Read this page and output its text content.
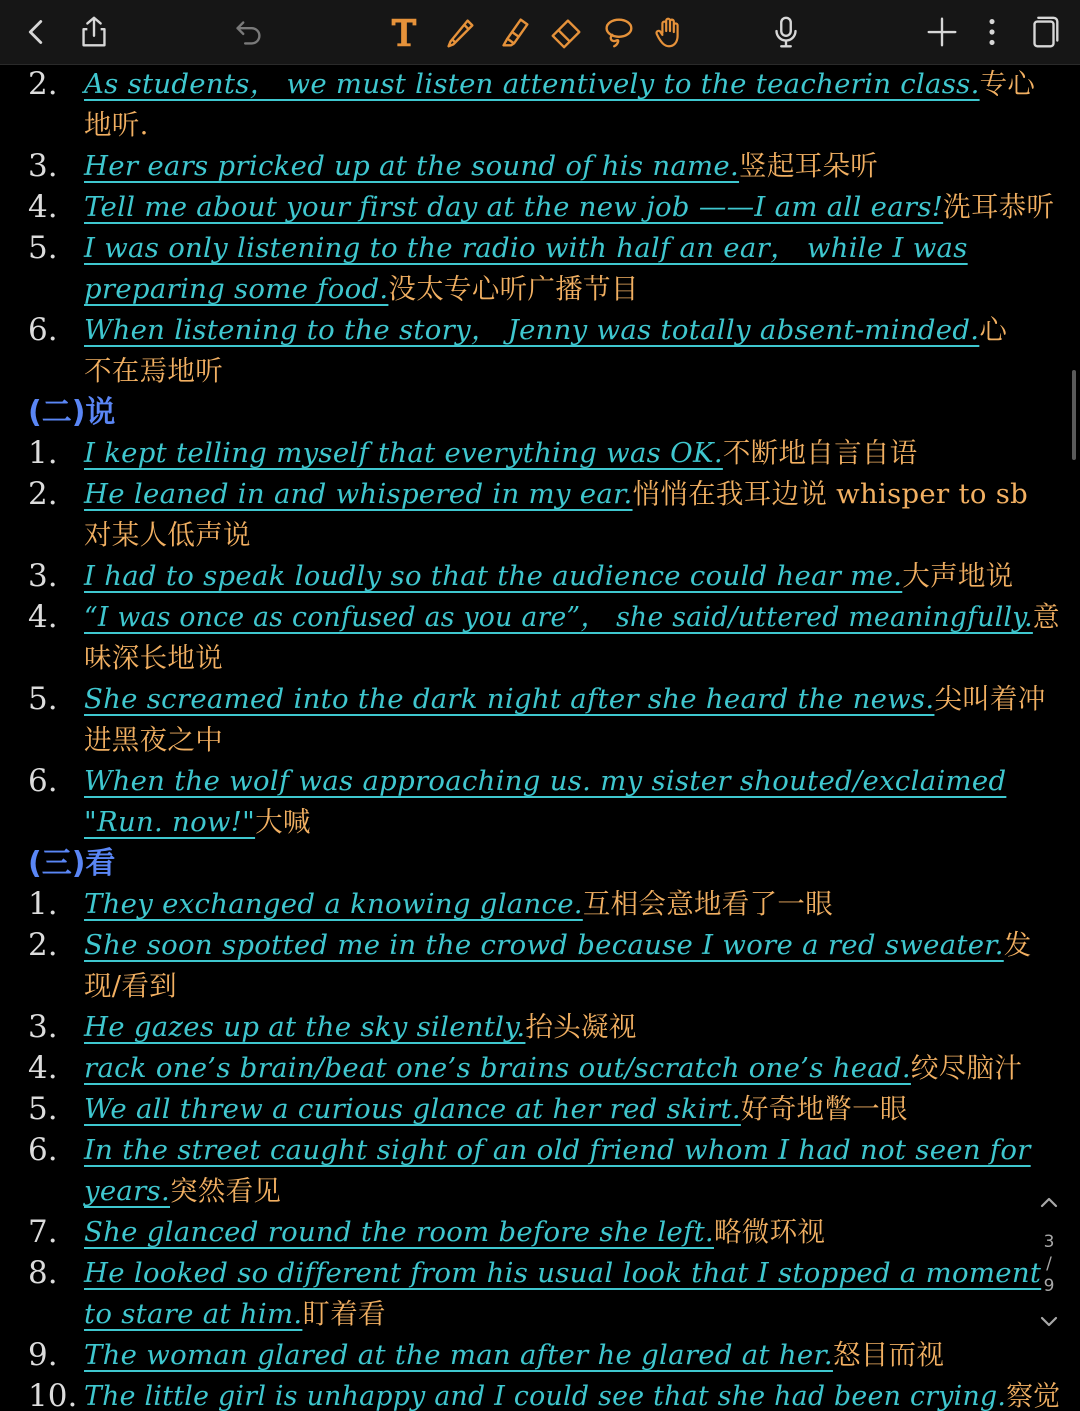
2. As students， we must listen attentively to the teacherin class.专心
地听.
3. Her ears pricked up at the sound of his name.竖起耳朵听
4. Tell me about your first day at the new job ——I am all ears!洗耳恭听
5. I was only listening to the radio with half an ear， while I was
preparing some food.没太专心听广播节目
6. When listening to the story， Jenny was totally absent-minded.心
不在焉地听
(二)说
1. I kept telling myself that everything was OK.不断地自言自语
2. He leaned in and whispered in my ear.悄悄在我耳边说 whisper to sb
对某人低声说
3. I had to speak loudly so that the audience could hear me.大声地说
4. “I was once as confused as you are”， she said/uttered meaningfully.意
味深长地说
5. She screamed into the dark night after she heard the news.尖叫着冲
进黑夜之中
6. When the wolf was approaching us. my sister shouted/exclaimed
"Run. now!"大喊
(三)看
1. They exchanged a knowing glance.互相会意地看了一眼
2. She soon spotted me in the crowd because I wore a red sweater.发
现/看到
3. He gazes up at the sky silently.抬头凝视
4. rack one’s brain/beat one’s brains out/scratch one’s head.绞尽脑汁
5. We all threw a curious glance at her red skirt.好奇地瞥一眼
6. In the street caught sight of an old friend whom I had not seen for
years.突然看见
7. She glanced round the room before she left.略微环视
8. He looked so different from his usual look that I stopped a moment
to stare at him.盯着看
9. The woman glared at the man after he glared at her.怒目而视
10. The little girl is unhappy and I could see that she had been crying.察觉
3
/
9
